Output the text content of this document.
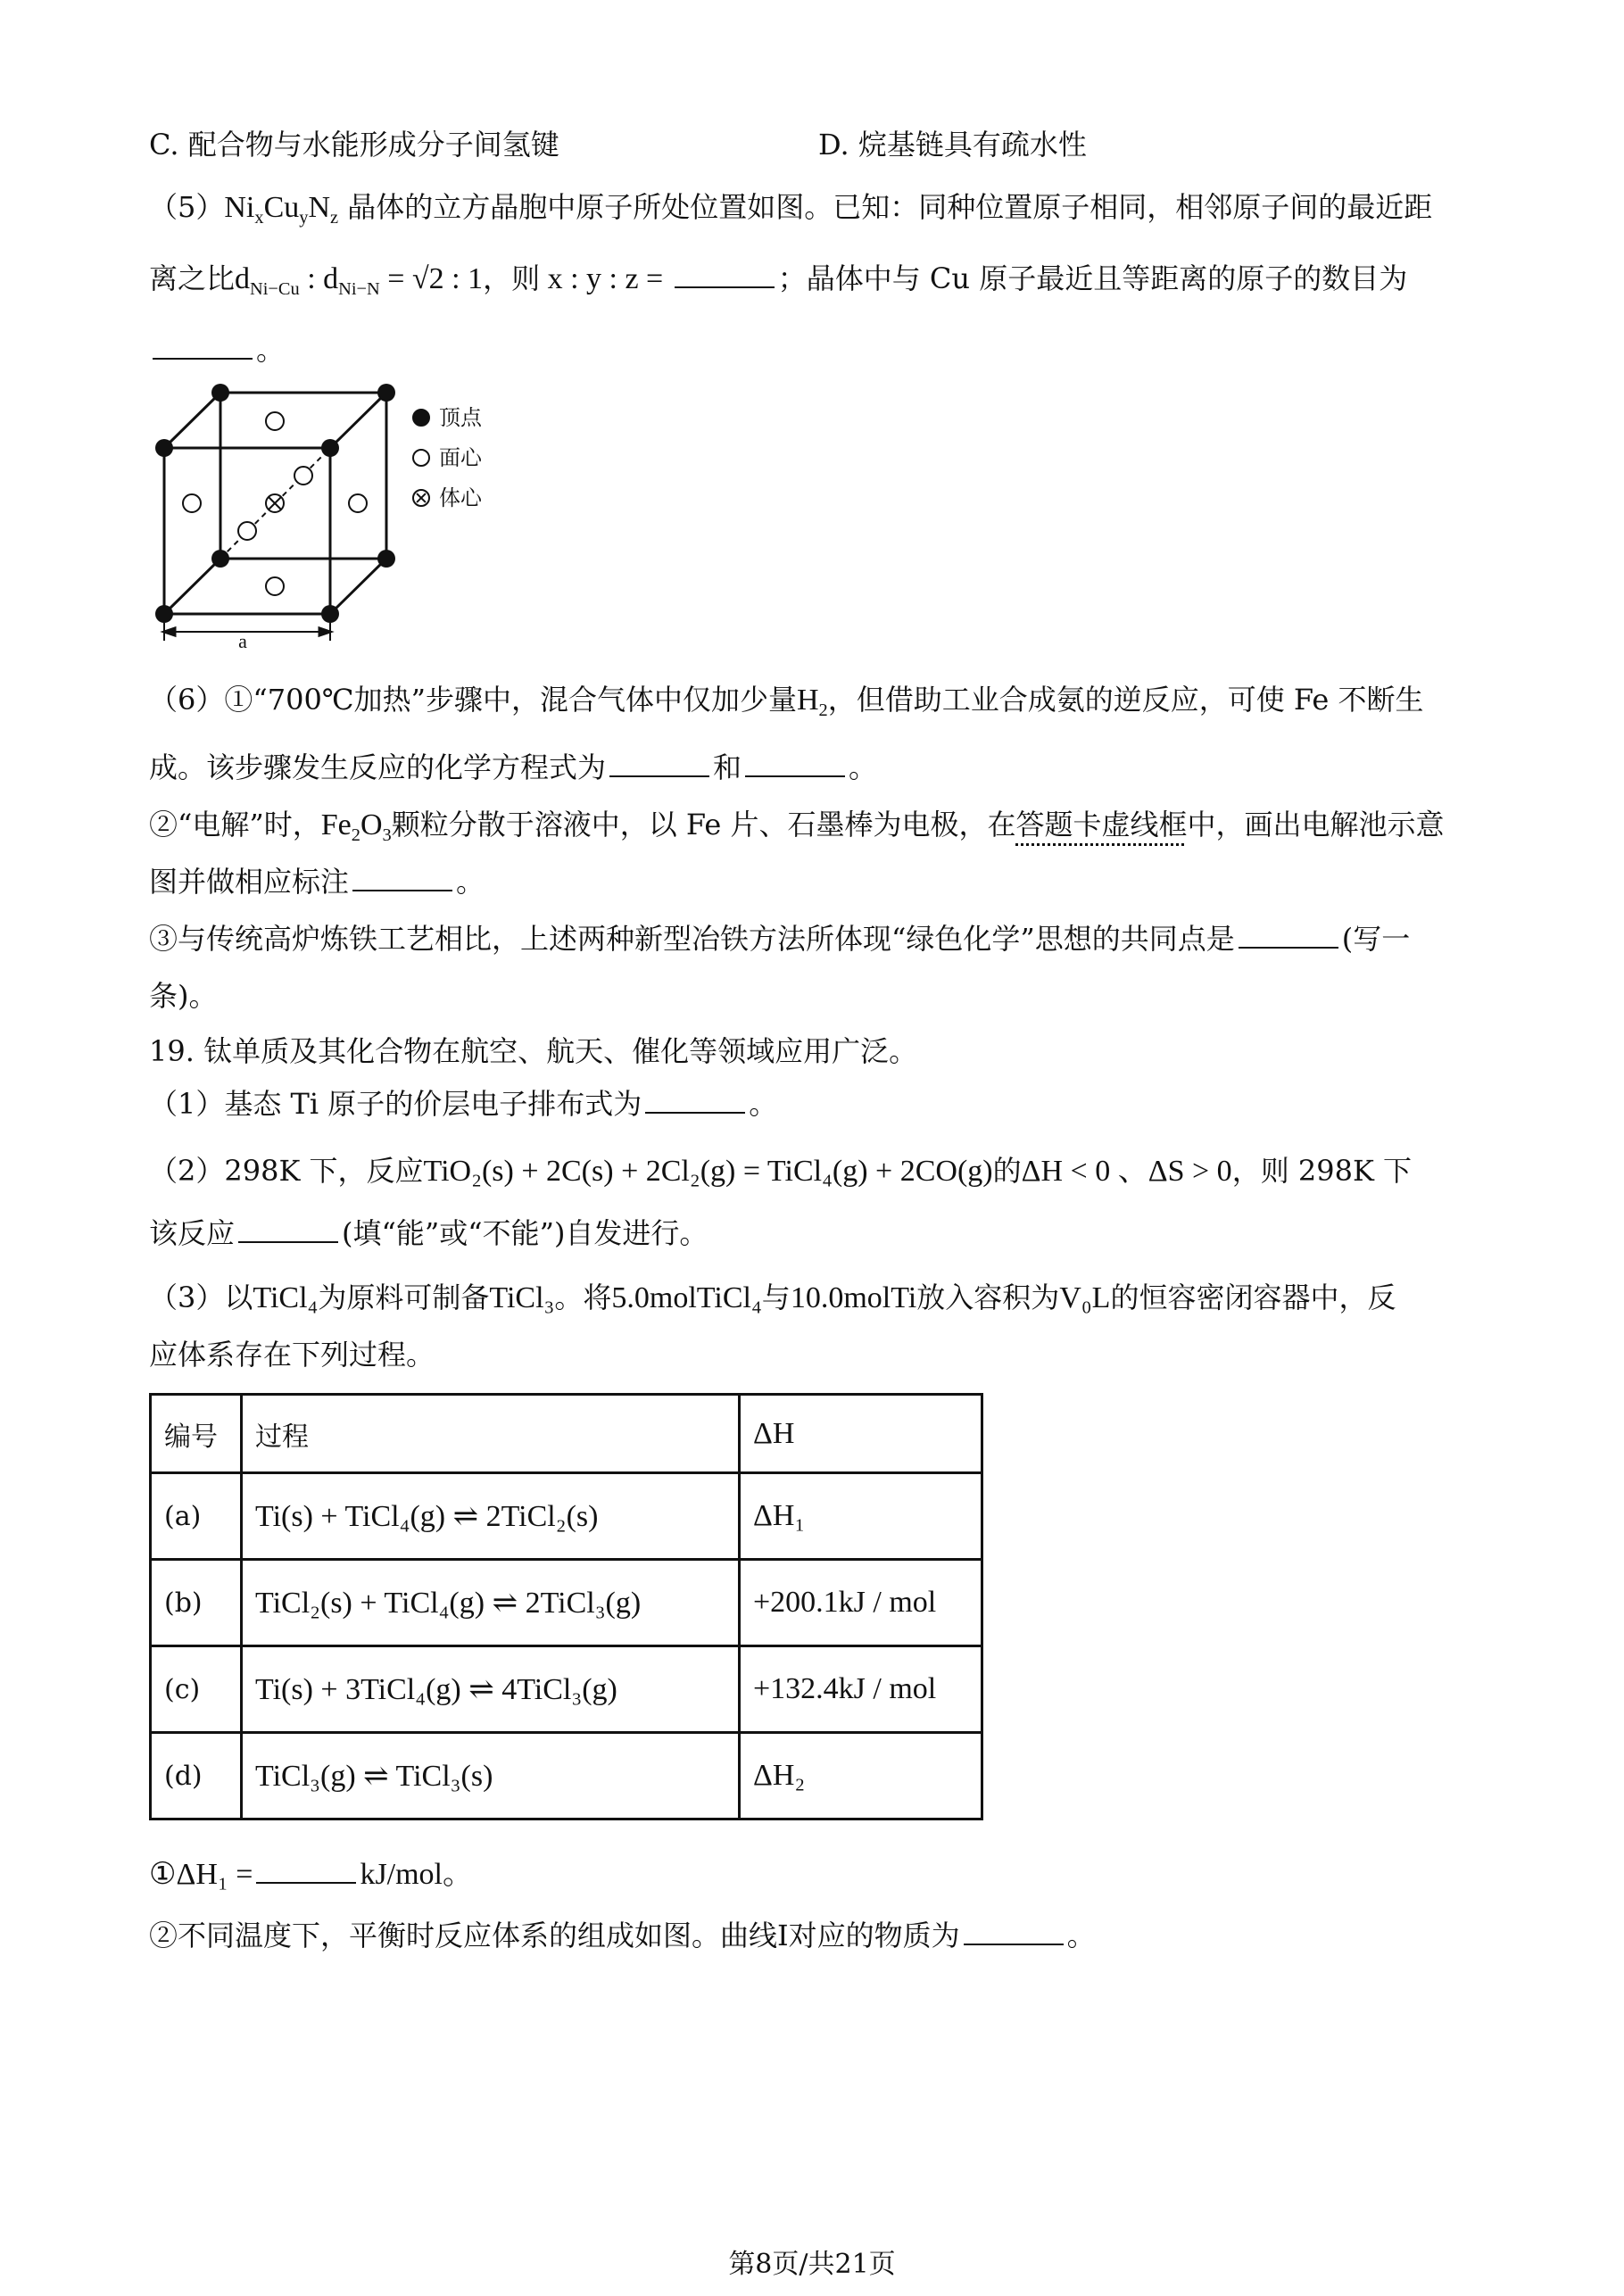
C. 配合物与水能形成分子间氢键	D. 烷基链具有疏水性
$(5)Ni_xCu_yN_z$ 晶体的立方晶胞中原子所处位置如图。已知：同种位置原子相同，相邻原子间的最近距
离之比$d_{Ni-Cu}$ : $d_{Ni-N} = √2$ : 1，则 x : y : z =	；晶体中与 Cu 原子最近且等距离的原子的数目为
。
a
顶点
面心
体心
（6）①“700℃加热”步骤中，混合气体中仅加少量$H_2$，但借助工业合成氨的逆反应，可使 Fe 不断生
成。该步骤发生反应的化学方程式为	和	。
②“电解”时，$Fe_2O_3$颗粒分散于溶液中，以 Fe 片、石墨棒为电极，在答题卡虚线框中，画出电解池示意
图并做相应标注	。
③与传统高炉炼铁工艺相比，上述两种新型冶铁方法所体现“绿色化学”思想的共同点是	(写一
条)。
19. 钛单质及其化合物在航空、航天、催化等领域应用广泛。
（1）基态 Ti 原子的价层电子排布式为	。
（2）298K 下，反应TiO₂(s) + 2C(s) + 2Cl₂(g) = TiCl₄(g) + 2CO(g)的ΔH < 0 、ΔS > 0，则 298K 下
该反应	(填“能”或“不能”)自发进行。
（3）以TiCl₄为原料可制备TiCl₃。将5.0molTiCl₄与10.0molTi放入容积为V₀L的恒容密闭容器中，反
应体系存在下列过程。
编号	过程	ΔH
(a)	Ti(s) + TiCl₄(g) ⇌ 2TiCl₂(s)	ΔH₁
(b)	TiCl₂(s) + TiCl₄(g) ⇌ 2TiCl₃(g)	+200.1kJ / mol
(c)	Ti(s) + 3TiCl₄(g) ⇌ 4TiCl₃(g)	+132.4kJ / mol
(d)	TiCl₃(g) ⇌ TiCl₃(s)	ΔH₂
①ΔH₁ =	kJ/mol。
②不同温度下，平衡时反应体系的组成如图。曲线I对应的物质为	。
第8页/共21页
